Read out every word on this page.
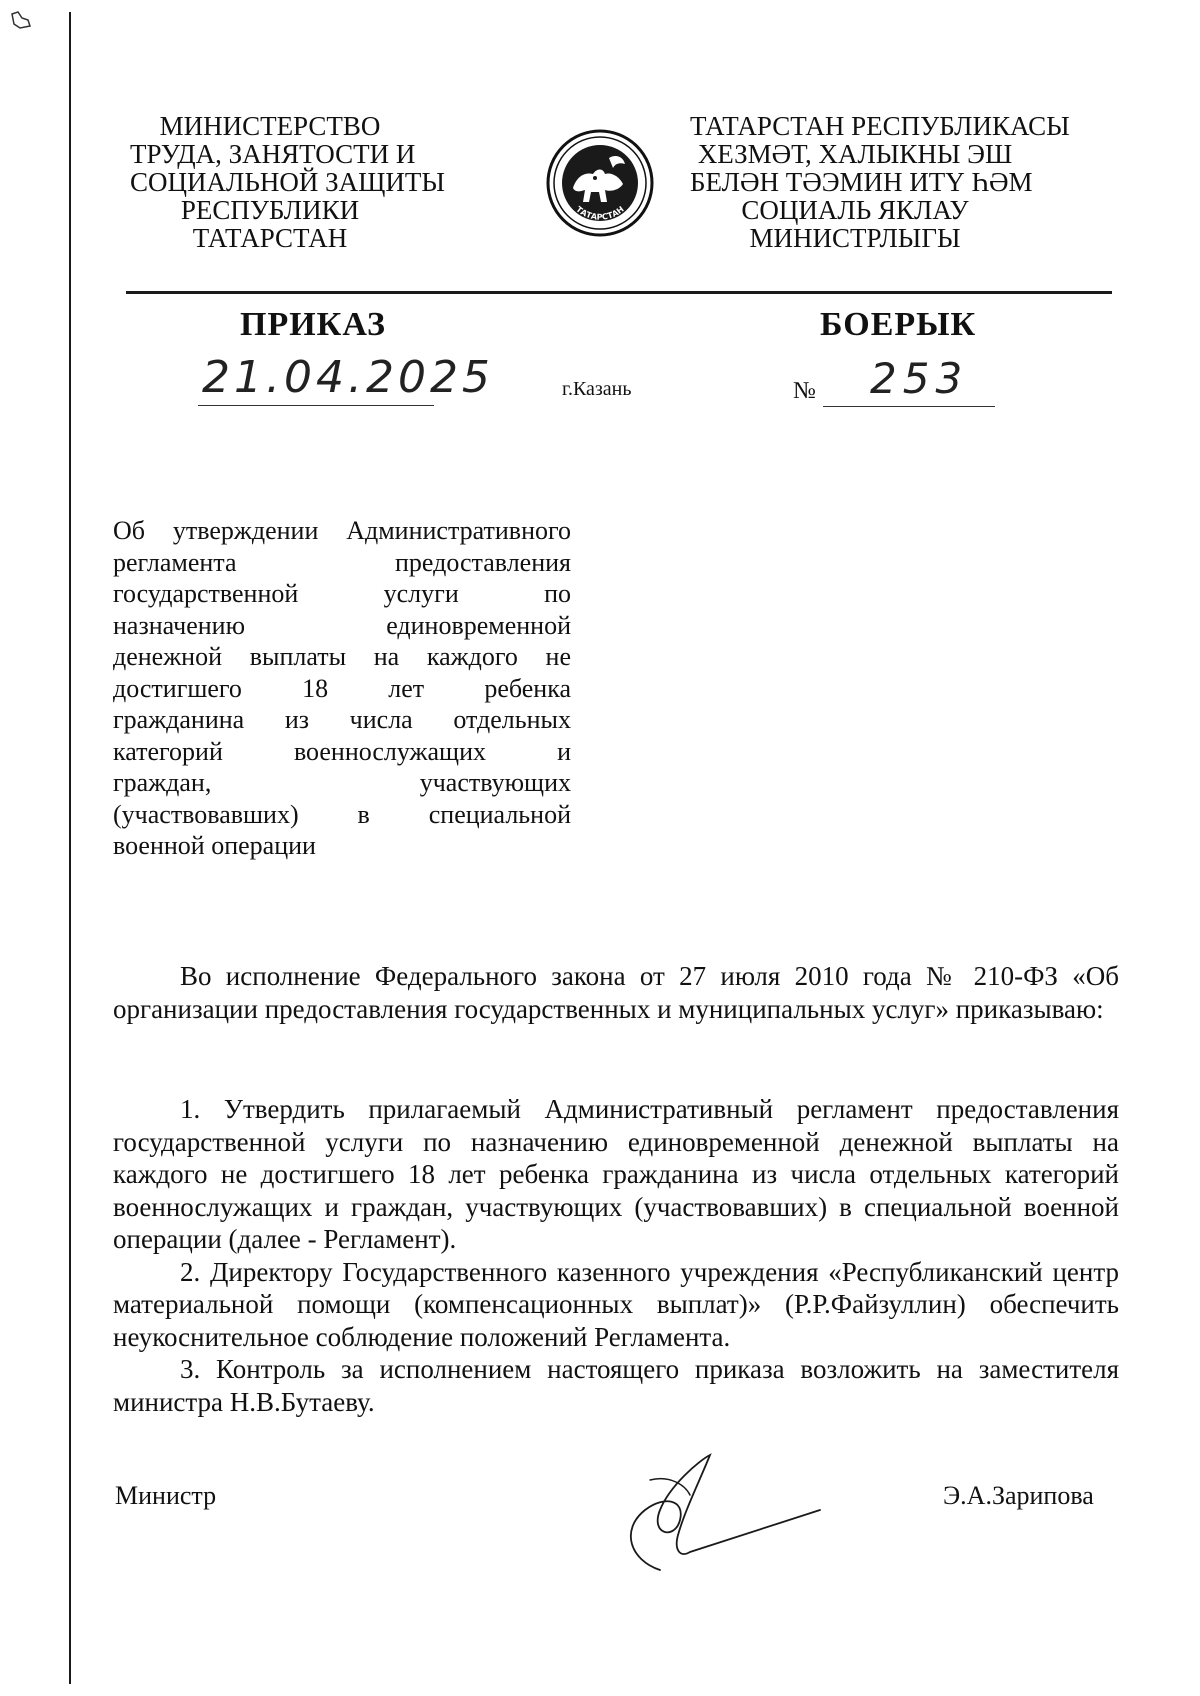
МИНИСТЕРСТВО
ТРУДА, ЗАНЯТОСТИ И
СОЦИАЛЬНОЙ ЗАЩИТЫ
РЕСПУБЛИКИ
ТАТАРСТАН
ТАТАРСТАН
ТАТАРСТАН РЕСПУБЛИКАСЫ
ХЕЗМӘТ, ХАЛЫКНЫ ЭШ
БЕЛӘН ТӘЭМИН ИТҮ ҺӘМ
СОЦИАЛЬ ЯКЛАУ
МИНИСТРЛЫГЫ
ПРИКАЗ	БОЕРЫК
21.04.2025	г.Казань	№ 253
Об утверждении Административного
регламента предоставления
государственной услуги по
назначению единовременной
денежной выплаты на каждого не
достигшего 18 лет ребенка
гражданина из числа отдельных
категорий военнослужащих и
граждан, участвующих
(участвовавших) в специальной
военной операции

Во исполнение Федерального закона от 27 июля 2010 года № 210-ФЗ «Об организации предоставления государственных и муниципальных услуг» приказываю:

1. Утвердить прилагаемый Административный регламент предоставления государственной услуги по назначению единовременной денежной выплаты на каждого не достигшего 18 лет ребенка гражданина из числа отдельных категорий военнослужащих и граждан, участвующих (участвовавших) в специальной военной операции (далее - Регламент).

2. Директору Государственного казенного учреждения «Республиканский центр материальной помощи (компенсационных выплат)» (Р.Р.Файзуллин) обеспечить неукоснительное соблюдение положений Регламента.

3. Контроль за исполнением настоящего приказа возложить на заместителя министра Н.В.Бутаеву.

Министр	Э.А.Зарипова
